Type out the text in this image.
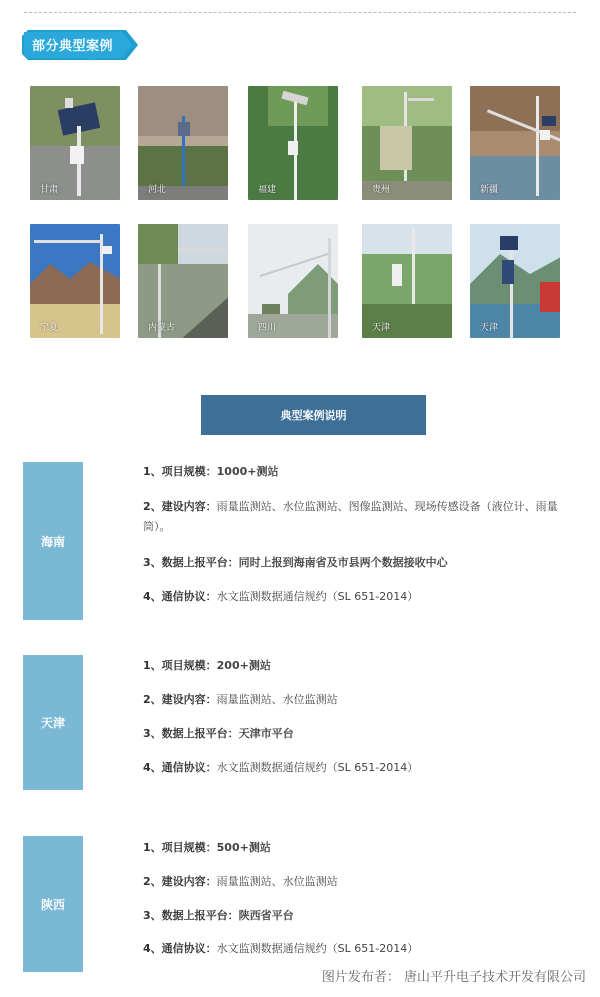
部分典型案例
›››
甘肃	河北	福建	贵州	新疆
宁夏	内蒙古	四川	天津	天津
典型案例说明
海南
1、项目规模：1000+测站
2、建设内容：雨量监测站、水位监测站、图像监测站、现场传感设备（液位计、雨量筒）。
3、数据上报平台：同时上报到海南省及市县两个数据接收中心
4、通信协议：水文监测数据通信规约（SL 651-2014）
天津
1、项目规模：200+测站
2、建设内容：雨量监测站、水位监测站
3、数据上报平台：天津市平台
4、通信协议：水文监测数据通信规约（SL 651-2014）
陕西
1、项目规模：500+测站
2、建设内容：雨量监测站、水位监测站
3、数据上报平台：陕西省平台
4、通信协议：水文监测数据通信规约（SL 651-2014）
图片发布者： 唐山平升电子技术开发有限公司
